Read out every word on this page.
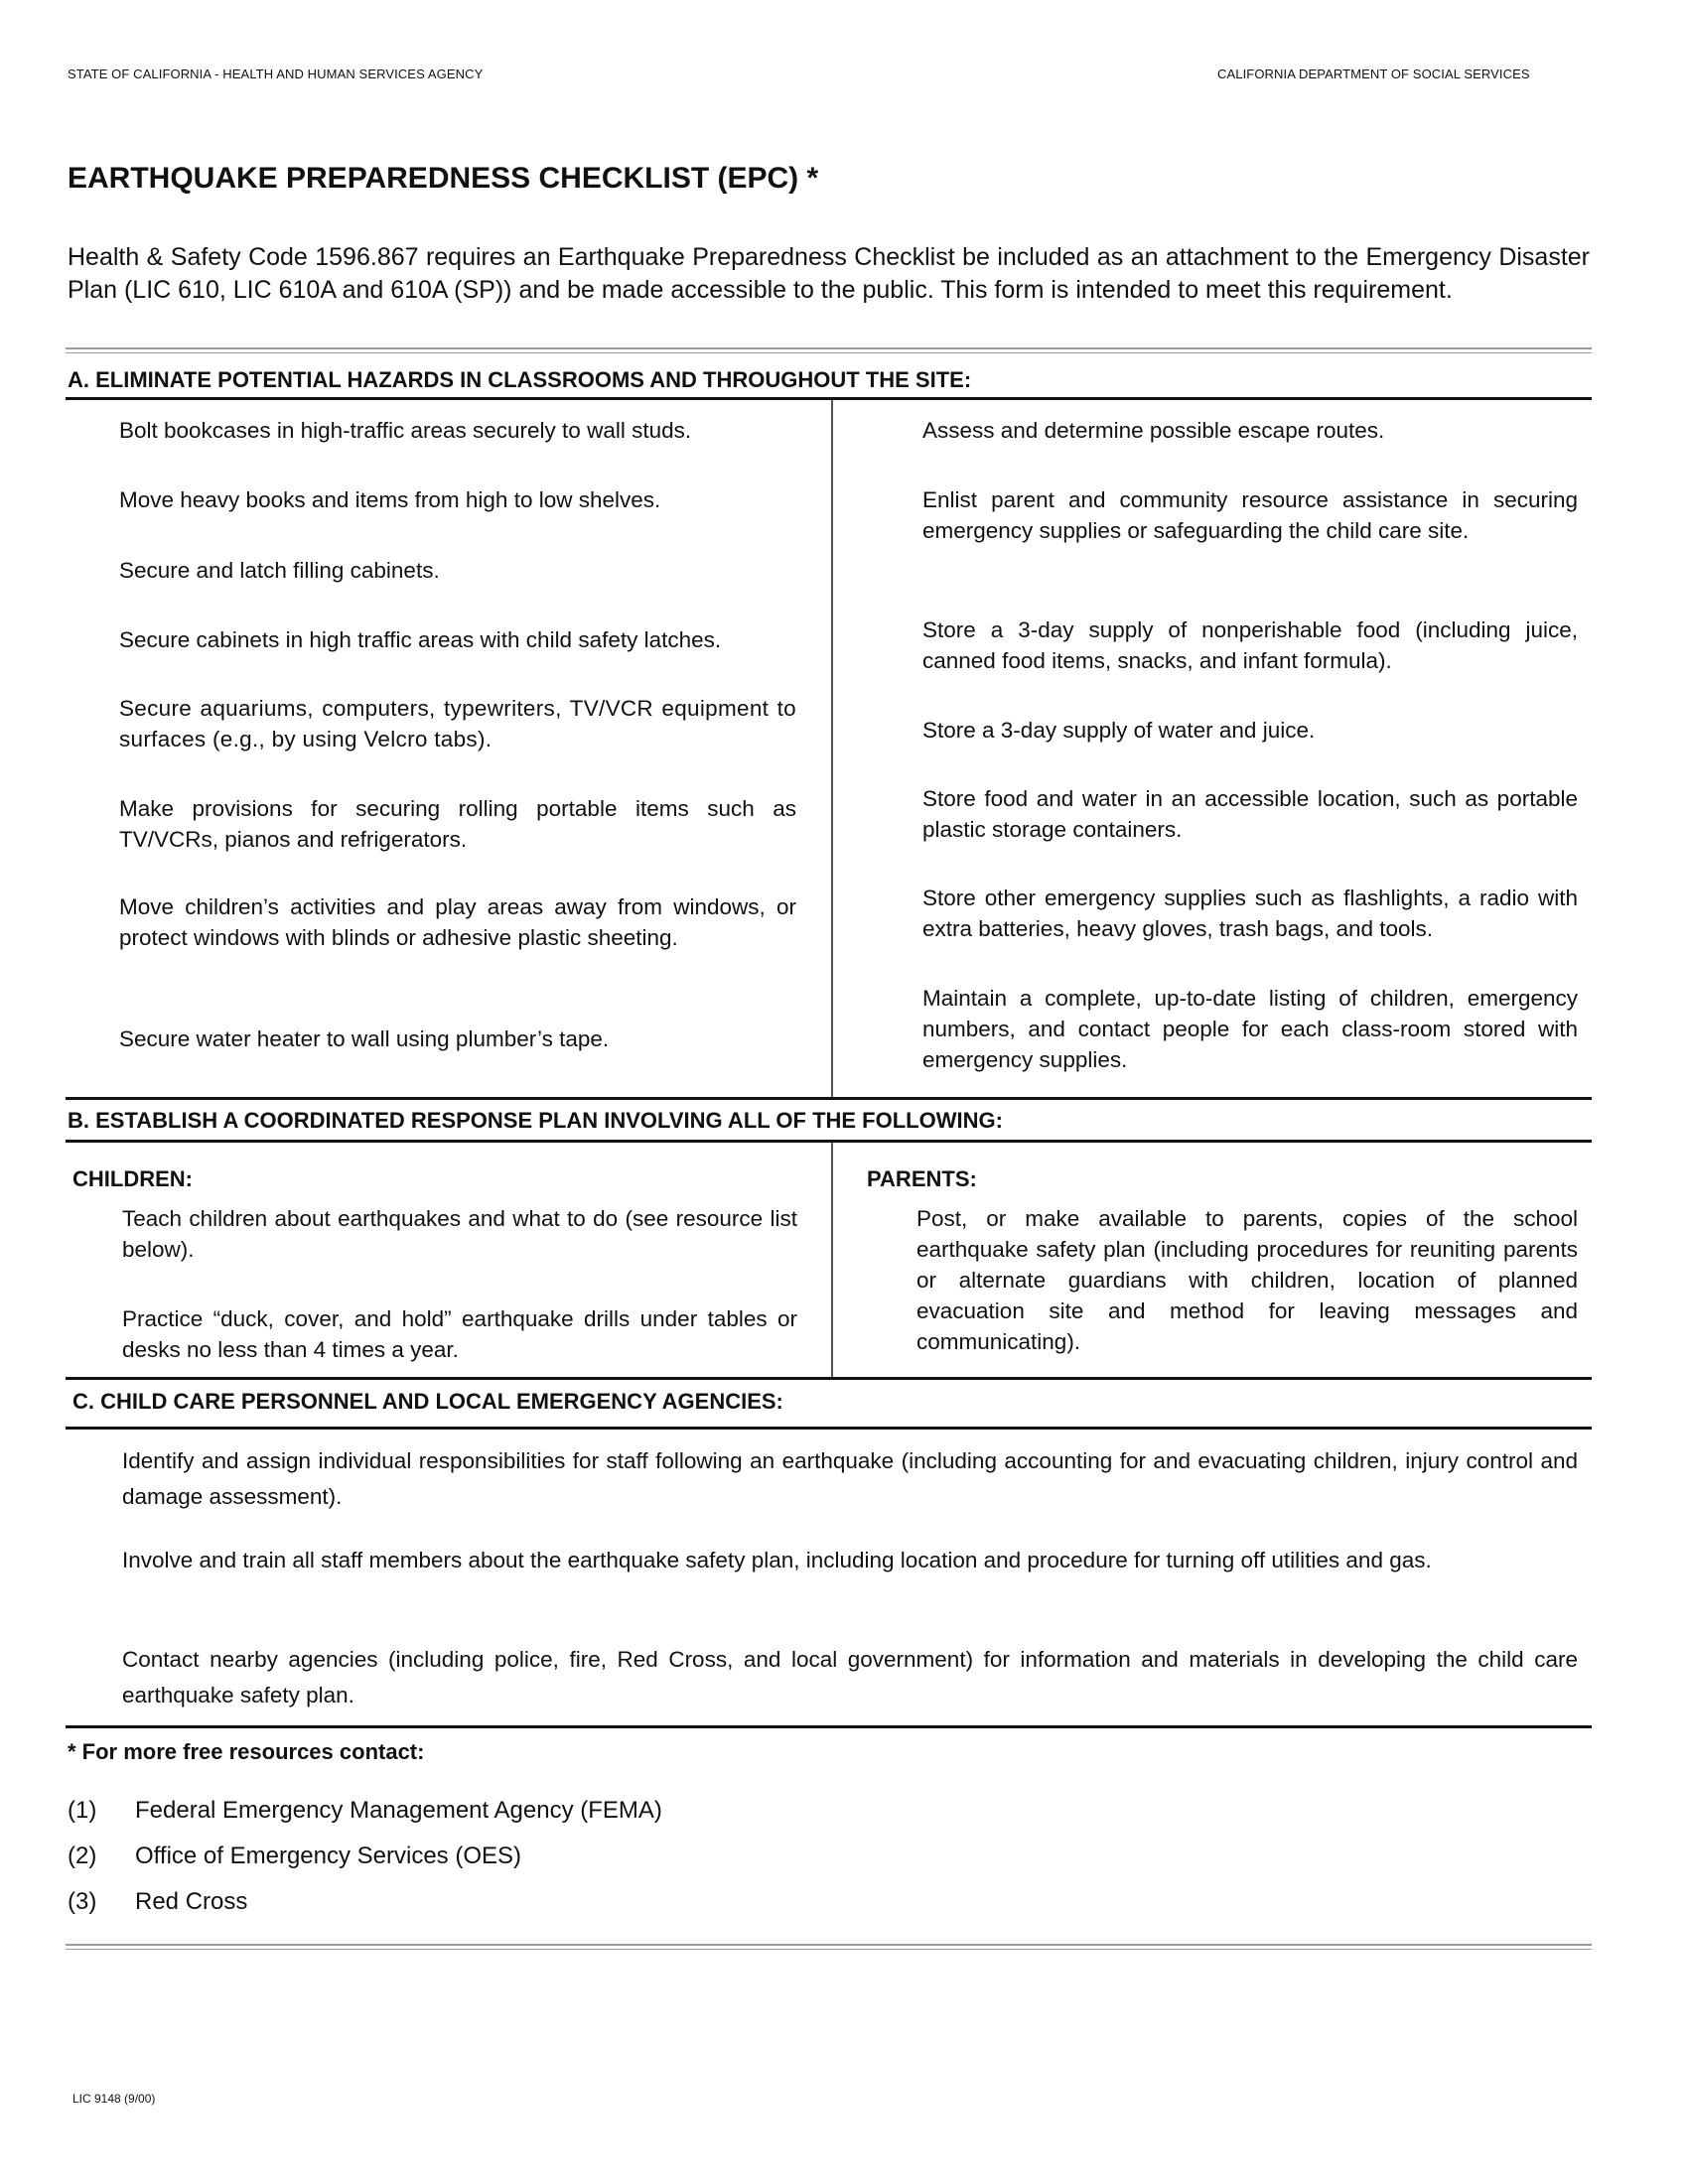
STATE OF CALIFORNIA - HEALTH AND HUMAN SERVICES AGENCY	CALIFORNIA DEPARTMENT OF SOCIAL SERVICES
EARTHQUAKE PREPAREDNESS CHECKLIST (EPC) *
Health & Safety Code 1596.867 requires an Earthquake Preparedness Checklist be included as an attachment to the Emergency Disaster Plan (LIC 610, LIC 610A and 610A (SP)) and be made accessible to the public. This form is intended to meet this requirement.
A. ELIMINATE POTENTIAL HAZARDS IN CLASSROOMS AND THROUGHOUT THE SITE:
Bolt bookcases in high-traffic areas securely to wall studs.
Move heavy books and items from high to low shelves.
Secure and latch filling cabinets.
Secure cabinets in high traffic areas with child safety latches.
Secure aquariums, computers, typewriters, TV/VCR equipment to surfaces (e.g., by using Velcro tabs).
Make provisions for securing rolling portable items such as TV/VCRs, pianos and refrigerators.
Move children’s activities and play areas away from windows, or protect windows with blinds or adhesive plastic sheeting.
Secure water heater to wall using plumber’s tape.
Assess and determine possible escape routes.
Enlist parent and community resource assistance in securing emergency supplies or safeguarding the child care site.
Store a 3-day supply of nonperishable food (including juice, canned food items, snacks, and infant formula).
Store a 3-day supply of water and juice.
Store food and water in an accessible location, such as portable plastic storage containers.
Store other emergency supplies such as flashlights, a radio with extra batteries, heavy gloves, trash bags, and tools.
Maintain a complete, up-to-date listing of children, emergency numbers, and contact people for each class-room stored with emergency supplies.
B. ESTABLISH A COORDINATED RESPONSE PLAN INVOLVING ALL OF THE FOLLOWING:
CHILDREN:
Teach children about earthquakes and what to do (see resource list below).
Practice “duck, cover, and hold” earthquake drills under tables or desks no less than 4 times a year.
PARENTS:
Post, or make available to parents, copies of the school earthquake safety plan (including procedures for reuniting parents or alternate guardians with children, location of planned evacuation site and method for leaving messages and communicating).
C. CHILD CARE PERSONNEL AND LOCAL EMERGENCY AGENCIES:
Identify and assign individual responsibilities for staff following an earthquake (including accounting for and evacuating children, injury control and damage assessment).
Involve and train all staff members about the earthquake safety plan, including location and procedure for turning off utilities and gas.
Contact nearby agencies (including police, fire, Red Cross, and local government) for information and materials in developing the child care earthquake safety plan.
* For more free resources contact:
(1) Federal Emergency Management Agency (FEMA)
(2) Office of Emergency Services (OES)
(3) Red Cross
LIC 9148 (9/00)
